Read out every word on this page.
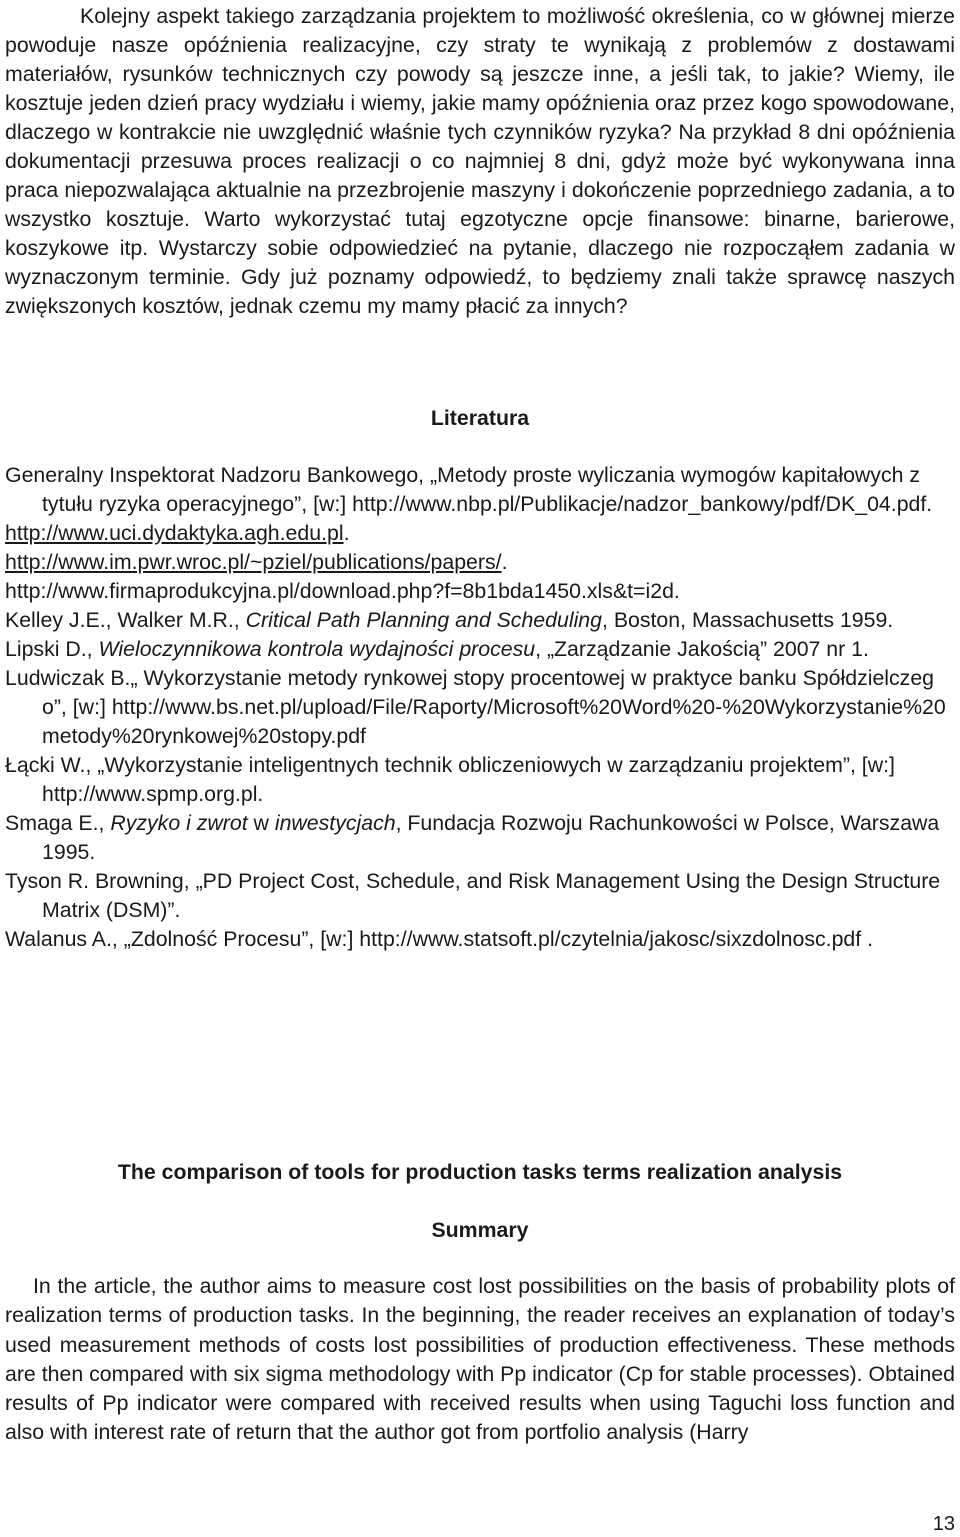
Kolejny aspekt takiego zarządzania projektem to możliwość określenia, co w głównej mierze powoduje nasze opóźnienia realizacyjne, czy straty te wynikają z problemów z dostawami materiałów, rysunków technicznych czy powody są jeszcze inne, a jeśli tak, to jakie? Wiemy, ile kosztuje jeden dzień pracy wydziału i wiemy, jakie mamy opóźnienia oraz przez kogo spowodowane, dlaczego w kontrakcie nie uwzględnić właśnie tych czynników ryzyka? Na przykład 8 dni opóźnienia dokumentacji przesuwa proces realizacji o co najmniej 8 dni, gdyż może być wykonywana inna praca niepozwalająca aktualnie na przezbrojenie maszyny i dokończenie poprzedniego zadania, a to wszystko kosztuje. Warto wykorzystać tutaj egzotyczne opcje finansowe: binarne, barierowe, koszykowe itp. Wystarczy sobie odpowiedzieć na pytanie, dlaczego nie rozpocząłem zadania w wyznaczonym terminie. Gdy już poznamy odpowiedź, to będziemy znali także sprawcę naszych zwiększonych kosztów, jednak czemu my mamy płacić za innych?

Literatura
Generalny Inspektorat Nadzoru Bankowego, „Metody proste wyliczania wymogów kapitałowych z tytułu ryzyka operacyjnego”, [w:] http://www.nbp.pl/Publikacje/nadzor_bankowy/pdf/DK_04.pdf.
http://www.uci.dydaktyka.agh.edu.pl.
http://www.im.pwr.wroc.pl/~pziel/publications/papers/.
http://www.firmaprodukcyjna.pl/download.php?f=8b1bda1450.xls&t=i2d.
Kelley J.E., Walker M.R., Critical Path Planning and Scheduling, Boston, Massachusetts 1959.
Lipski D., Wieloczynnikowa kontrola wydajności procesu, „Zarządzanie Jakością” 2007 nr 1.
Ludwiczak B.„ Wykorzystanie metody rynkowej stopy procentowej w praktyce banku Spółdzielczego”, [w:] http://www.bs.net.pl/upload/File/Raporty/Microsoft%20Word%20-%20Wykorzystanie%20metody%20rynkowej%20stopy.pdf
Łącki W., „Wykorzystanie inteligentnych technik obliczeniowych w zarządzaniu projektem”, [w:] http://www.spmp.org.pl.
Smaga E., Ryzyko i zwrot w inwestycjach, Fundacja Rozwoju Rachunkowości w Polsce, Warszawa 1995.
Tyson R. Browning, „PD Project Cost, Schedule, and Risk Management Using the Design Structure Matrix (DSM)”.
Walanus A., „Zdolność Procesu”, [w:] http://www.statsoft.pl/czytelnia/jakosc/sixzdolnosc.pdf .
The comparison of tools for production tasks terms realization analysis
Summary

In the article, the author aims to measure cost lost possibilities on the basis of probability plots of realization terms of production tasks. In the beginning, the reader receives an explanation of today’s used measurement methods of costs lost possibilities of production effectiveness. These methods are then compared with six sigma methodology with Pp indicator (Cp for stable processes). Obtained results of Pp indicator were compared with received results when using Taguchi loss function and also with interest rate of return that the author got from portfolio analysis (Harry

13
